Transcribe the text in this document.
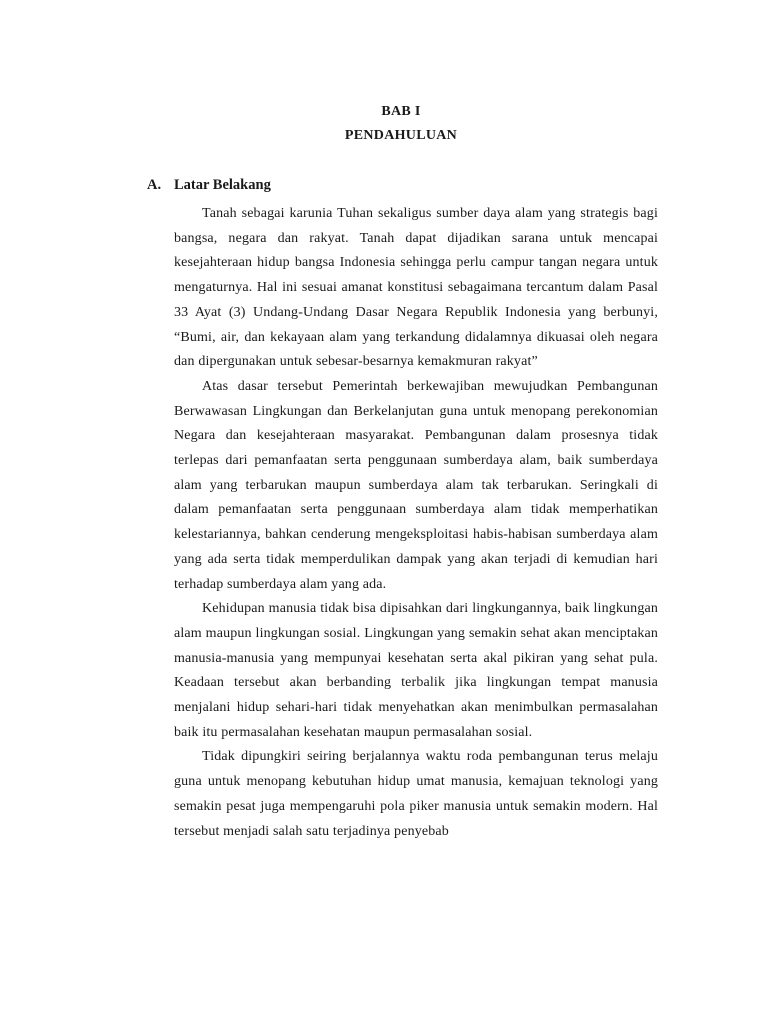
BAB I
PENDAHULUAN
A. Latar Belakang

Tanah sebagai karunia Tuhan sekaligus sumber daya alam yang strategis bagi bangsa, negara dan rakyat. Tanah dapat dijadikan sarana untuk mencapai kesejahteraan hidup bangsa Indonesia sehingga perlu campur tangan negara untuk mengaturnya. Hal ini sesuai amanat konstitusi sebagaimana tercantum dalam Pasal 33 Ayat (3) Undang-Undang Dasar Negara Republik Indonesia yang berbunyi, “Bumi, air, dan kekayaan alam yang terkandung didalamnya dikuasai oleh negara dan dipergunakan untuk sebesar-besarnya kemakmuran rakyat”

Atas dasar tersebut Pemerintah berkewajiban mewujudkan Pembangunan Berwawasan Lingkungan dan Berkelanjutan guna untuk menopang perekonomian Negara dan kesejahteraan masyarakat. Pembangunan dalam prosesnya tidak terlepas dari pemanfaatan serta penggunaan sumberdaya alam, baik sumberdaya alam yang terbarukan maupun sumberdaya alam tak terbarukan. Seringkali di dalam pemanfaatan serta penggunaan sumberdaya alam tidak memperhatikan kelestariannya, bahkan cenderung mengeksploitasi habis-habisan sumberdaya alam yang ada serta tidak memperdulikan dampak yang akan terjadi di kemudian hari terhadap sumberdaya alam yang ada.

Kehidupan manusia tidak bisa dipisahkan dari lingkungannya, baik lingkungan alam maupun lingkungan sosial. Lingkungan yang semakin sehat akan menciptakan manusia-manusia yang mempunyai kesehatan serta akal pikiran yang sehat pula. Keadaan tersebut akan berbanding terbalik jika lingkungan tempat manusia menjalani hidup sehari-hari tidak menyehatkan akan menimbulkan permasalahan baik itu permasalahan kesehatan maupun permasalahan sosial.

Tidak dipungkiri seiring berjalannya waktu roda pembangunan terus melaju guna untuk menopang kebutuhan hidup umat manusia, kemajuan teknologi yang semakin pesat juga mempengaruhi pola piker manusia untuk semakin modern. Hal tersebut menjadi salah satu terjadinya penyebab
